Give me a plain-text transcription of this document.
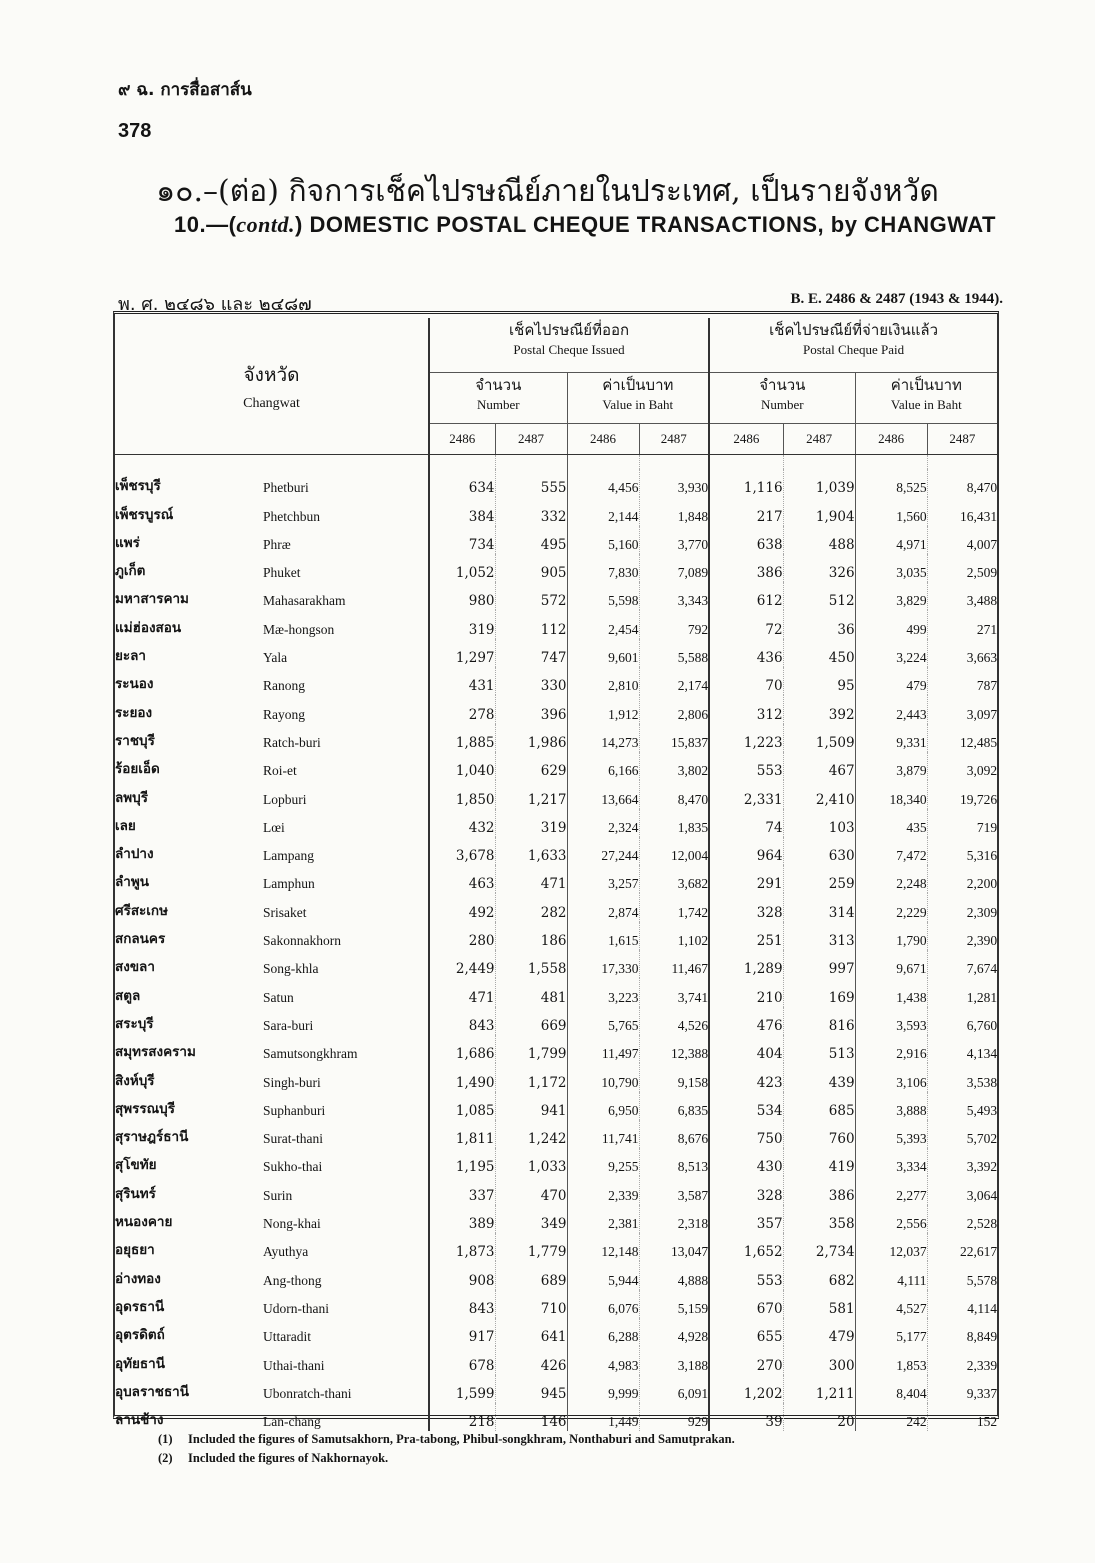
๙ ฉ. การสื่อสาส์น
378
๑๐.–(ต่อ) กิจการเช็คไปรษณีย์ภายในประเทศ, เป็นรายจังหวัด
10.—(contd.) DOMESTIC POSTAL CHEQUE TRANSACTIONS, by CHANGWAT
พ. ศ. ๒๔๘๖ และ ๒๔๘๗	B. E. 2486 & 2487 (1943 & 1944).
จังหวัด
Changwat		เช็คไปรษณีย์ที่ออก
Postal Cheque Issued				เช็คไปรษณีย์ที่จ่ายเงินแล้ว
Postal Cheque Paid			

		จำนวน
Number		ค่าเป็นบาท
Value in Baht		จำนวน
Number		ค่าเป็นบาท
Value in Baht	

		2486	2487	2486	2487	2486	2487	2486	2487

เพ็ชรบุรี	Phetburi	634	555	4,456	3,930	1,116	1,039	8,525	8,470
เพ็ชรบูรณ์	Phetchbun	384	332	2,144	1,848	217	1,904	1,560	16,431
แพร่	Phræ	734	495	5,160	3,770	638	488	4,971	4,007
ภูเก็ต	Phuket	1,052	905	7,830	7,089	386	326	3,035	2,509
มหาสารคาม	Mahasarakham	980	572	5,598	3,343	612	512	3,829	3,488
แม่ฮ่องสอน	Mæ-hongson	319	112	2,454	792	72	36	499	271
ยะลา	Yala	1,297	747	9,601	5,588	436	450	3,224	3,663
ระนอง	Ranong	431	330	2,810	2,174	70	95	479	787
ระยอง	Rayong	278	396	1,912	2,806	312	392	2,443	3,097
ราชบุรี	Ratch-buri	1,885	1,986	14,273	15,837	1,223	1,509	9,331	12,485
ร้อยเอ็ด	Roi-et	1,040	629	6,166	3,802	553	467	3,879	3,092
ลพบุรี	Lopburi	1,850	1,217	13,664	8,470	2,331	2,410	18,340	19,726
เลย	Lœi	432	319	2,324	1,835	74	103	435	719
ลำปาง	Lampang	3,678	1,633	27,244	12,004	964	630	7,472	5,316
ลำพูน	Lamphun	463	471	3,257	3,682	291	259	2,248	2,200
ศรีสะเกษ	Srisaket	492	282	2,874	1,742	328	314	2,229	2,309
สกลนคร	Sakonnakhorn	280	186	1,615	1,102	251	313	1,790	2,390
สงขลา	Song-khla	2,449	1,558	17,330	11,467	1,289	997	9,671	7,674
สตูล	Satun	471	481	3,223	3,741	210	169	1,438	1,281
สระบุรี	Sara-buri	843	669	5,765	4,526	476	816	3,593	6,760
สมุทรสงคราม	Samutsongkhram	1,686	1,799	11,497	12,388	404	513	2,916	4,134
สิงห์บุรี	Singh-buri	1,490	1,172	10,790	9,158	423	439	3,106	3,538
สุพรรณบุรี	Suphanburi	1,085	941	6,950	6,835	534	685	3,888	5,493
สุราษฎร์ธานี	Surat-thani	1,811	1,242	11,741	8,676	750	760	5,393	5,702
สุโขทัย	Sukho-thai	1,195	1,033	9,255	8,513	430	419	3,334	3,392
สุรินทร์	Surin	337	470	2,339	3,587	328	386	2,277	3,064
หนองคาย	Nong-khai	389	349	2,381	2,318	357	358	2,556	2,528
อยุธยา	Ayuthya	1,873	1,779	12,148	13,047	1,652	2,734	12,037	22,617
อ่างทอง	Ang-thong	908	689	5,944	4,888	553	682	4,111	5,578
อุดรธานี	Udorn-thani	843	710	6,076	5,159	670	581	4,527	4,114
อุตรดิตถ์	Uttaradit	917	641	6,288	4,928	655	479	5,177	8,849
อุทัยธานี	Uthai-thani	678	426	4,983	3,188	270	300	1,853	2,339
อุบลราชธานี	Ubonratch-thani	1,599	945	9,999	6,091	1,202	1,211	8,404	9,337
ลานช้าง	Lan-chang	218	146	1,449	929	39	20	242	152
(1) Included the figures of Samutsakhorn, Pra-tabong, Phibul-songkhram, Nonthaburi and Samutprakan.
(2) Included the figures of Nakhornayok.
